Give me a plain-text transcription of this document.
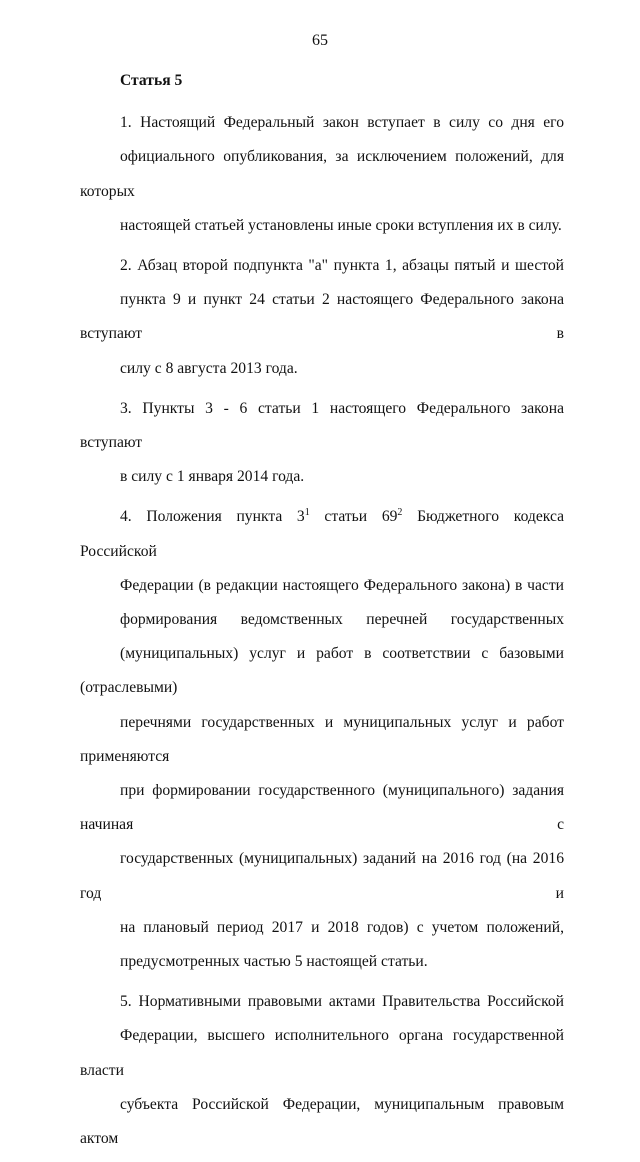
65
Статья 5
1. Настоящий Федеральный закон вступает в силу со дня его
официального опубликования, за исключением положений, для которых
настоящей статьей установлены иные сроки вступления их в силу.
2. Абзац второй подпункта "а" пункта 1, абзацы пятый и шестой
пункта 9 и пункт 24 статьи 2 настоящего Федерального закона вступают в
силу с 8 августа 2013 года.
3. Пункты 3 - 6 статьи 1 настоящего Федерального закона вступают
в силу с 1 января 2014 года.
4. Положения пункта $3^1$ статьи $69^2$ Бюджетного кодекса Российской
Федерации (в редакции настоящего Федерального закона) в части
формирования ведомственных перечней государственных
(муниципальных) услуг и работ в соответствии с базовыми (отраслевыми)
перечнями государственных и муниципальных услуг и работ применяются
при формировании государственного (муниципального) задания начиная с
государственных (муниципальных) заданий на 2016 год (на 2016 год и
на плановый период 2017 и 2018 годов) с учетом положений,
предусмотренных частью 5 настоящей статьи.
5. Нормативными правовыми актами Правительства Российской
Федерации, высшего исполнительного органа государственной власти
субъекта Российской Федерации, муниципальным правовым актом
